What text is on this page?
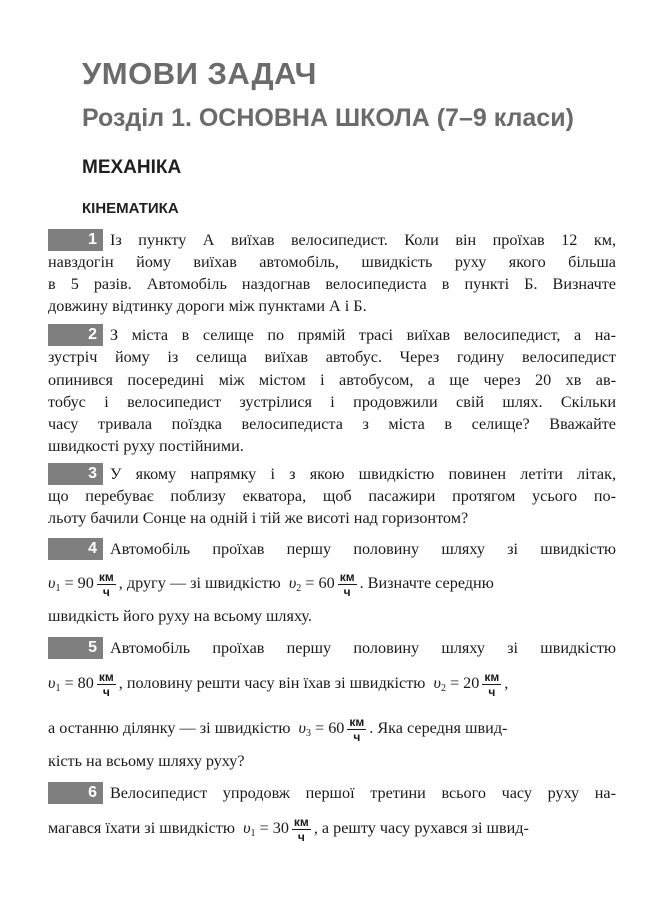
УМОВИ ЗАДАЧ
Розділ 1. ОСНОВНА ШКОЛА (7–9 класи)
МЕХАНІКА
КІНЕМАТИКА
1 Із пункту А виїхав велосипедист. Коли він проїхав 12 км,
навздогін йому виїхав автомобіль, швидкість руху якого більша
в 5 разів. Автомобіль наздогнав велосипедиста в пункті Б. Визначте
довжину відтинку дороги між пунктами А і Б.
2 З міста в селище по прямій трасі виїхав велосипедист, а на-
зустріч йому із селища виїхав автобус. Через годину велосипедист
опинився посередині між містом і автобусом, а ще через 20 хв ав-
тобус і велосипедист зустрілися і продовжили свій шлях. Скільки
часу тривала поїздка велосипедиста з міста в селище? Вважайте
швидкості руху постійними.
3 У якому напрямку і з якою швидкістю повинен летіти літак,
що перебуває поблизу екватора, щоб пасажири протягом усього по-
льоту бачили Сонце на одній і тій же висоті над горизонтом?
4 Автомобіль проїхав першу половину шляху зі швидкістю
$\upsilon_1 = 90 \frac{км}{ч}$ , другу — зі швидкістю $\upsilon_2 = 60 \frac{км}{ч}$ . Визначте середню
швидкість його руху на всьому шляху.
5 Автомобіль проїхав першу половину шляху зі швидкістю
$\upsilon_1 = 80 \frac{км}{ч}$ , половину решти часу він їхав зі швидкістю $\upsilon_2 = 20 \frac{км}{ч}$ ,
а останню ділянку — зі швидкістю $\upsilon_3 = 60 \frac{км}{ч}$ . Яка середня швид-
кість на всьому шляху руху?
6 Велосипедист упродовж першої третини всього часу руху на-
магався їхати зі швидкістю $\upsilon_1 = 30 \frac{км}{ч}$ , а решту часу рухався зі швид-
